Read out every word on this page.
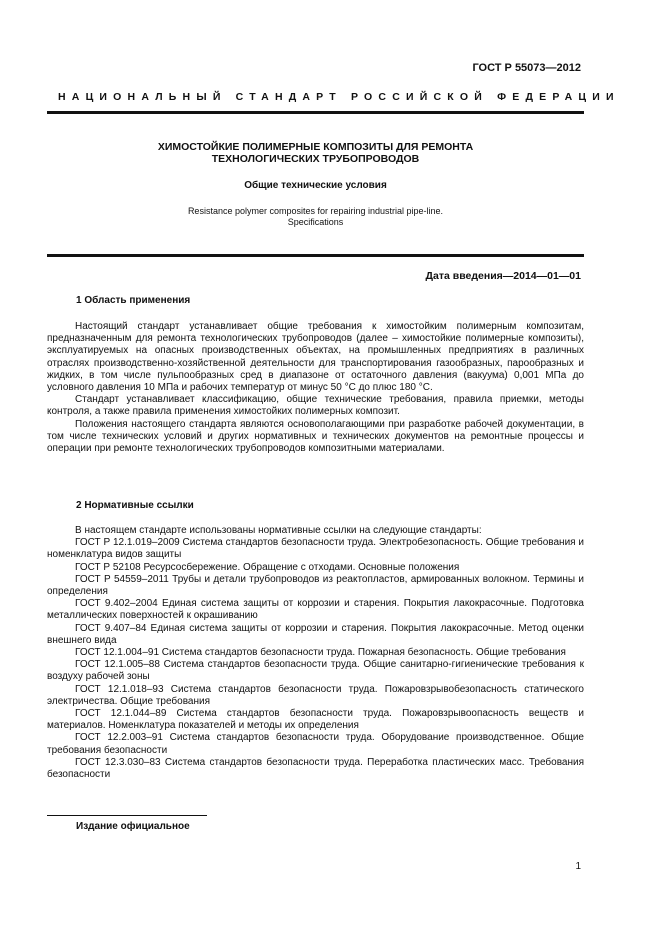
ГОСТ Р 55073—2012
НАЦИОНАЛЬНЫЙ СТАНДАРТ РОССИЙСКОЙ ФЕДЕРАЦИИ
ХИМОСТОЙКИЕ ПОЛИМЕРНЫЕ КОМПОЗИТЫ ДЛЯ РЕМОНТА
ТЕХНОЛОГИЧЕСКИХ ТРУБОПРОВОДОВ
Общие технические условия
Resistance polymer composites for repairing industrial pipe-line.
Specifications
Дата введения—2014—01—01
1 Область применения

Настоящий стандарт устанавливает общие требования к химостойким полимерным композитам, предназначенным для ремонта технологических трубопроводов (далее – химостойкие полимерные композиты), эксплуатируемых на опасных производственных объектах, на промышленных предприятиях в различных отраслях производственно-хозяйственной деятельности для транспортирования газообразных, парообразных и жидких, в том числе пульпообразных сред в диапазоне от остаточного давления (вакуума) 0,001 МПа до условного давления 10 МПа и рабочих температур от минус 50 °С до плюс 180 °С.

Стандарт устанавливает классификацию, общие технические требования, правила приемки, методы контроля, а также правила применения химостойких полимерных композит.

Положения настоящего стандарта являются основополагающими при разработке рабочей документации, в том числе технических условий и других нормативных и технических документов на ремонтные процессы и операции при ремонте технологических трубопроводов композитными материалами.

2 Нормативные ссылки

В настоящем стандарте использованы нормативные ссылки на следующие стандарты:

ГОСТ Р 12.1.019–2009 Система стандартов безопасности труда. Электробезопасность. Общие требования и номенклатура видов защиты

ГОСТ Р 52108 Ресурсосбережение. Обращение с отходами. Основные положения

ГОСТ Р 54559–2011 Трубы и детали трубопроводов из реактопластов, армированных волокном. Термины и определения

ГОСТ 9.402–2004 Единая система защиты от коррозии и старения. Покрытия лакокрасочные. Подготовка металлических поверхностей к окрашиванию

ГОСТ 9.407–84 Единая система защиты от коррозии и старения. Покрытия лакокрасочные. Метод оценки внешнего вида

ГОСТ 12.1.004–91 Система стандартов безопасности труда. Пожарная безопасность. Общие требования

ГОСТ 12.1.005–88 Система стандартов безопасности труда. Общие санитарно-гигиенические требования к воздуху рабочей зоны

ГОСТ 12.1.018–93 Система стандартов безопасности труда. Пожаровзрывобезопасность статического электричества. Общие требования

ГОСТ 12.1.044–89 Система стандартов безопасности труда. Пожаровзрывоопасность веществ и материалов. Номенклатура показателей и методы их определения

ГОСТ 12.2.003–91 Система стандартов безопасности труда. Оборудование производственное. Общие требования безопасности

ГОСТ 12.3.030–83 Система стандартов безопасности труда. Переработка пластических масс. Требования безопасности

Издание официальное
1
